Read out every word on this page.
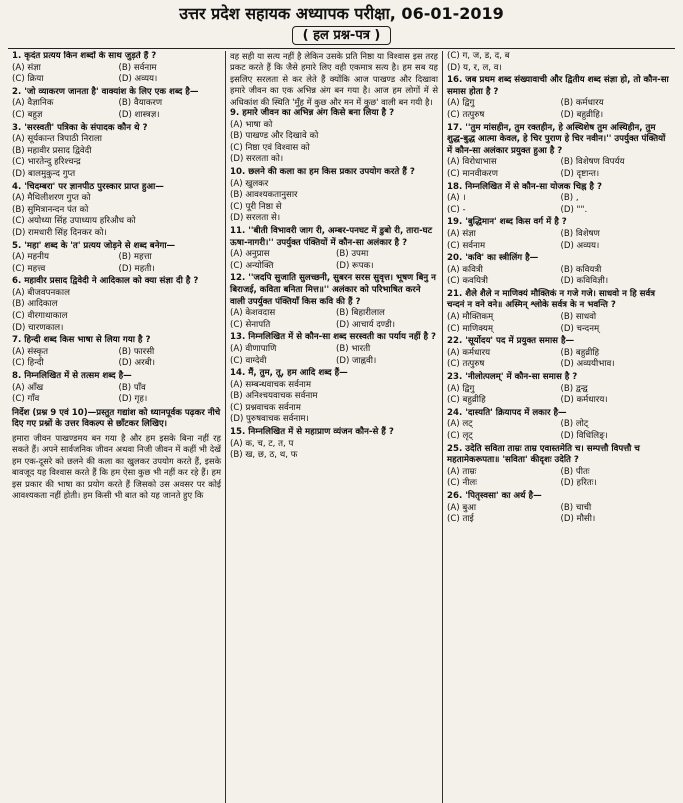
उत्तर प्रदेश सहायक अध्यापक परीक्षा, 06-01-2019
( हल प्रश्न-पत्र )
1. कृदंत प्रत्यय किन शब्दों के साथ जुड़ते हैं ?
(A) संज्ञा	(B) सर्वनाम
(C) क्रिया	(D) अव्यय।
2. 'जो व्याकरण जानता है' वाक्यांश के लिए एक शब्द है—
(A) वैज्ञानिक	(B) वैयाकरण
(C) बहुज्ञ	(D) शास्त्रज्ञ।
3. 'सरस्वती' पत्रिका के संपादक कौन थे ?
(A) सूर्यकान्त त्रिपाठी निराला
(B) महावीर प्रसाद द्विवेदी
(C) भारतेन्दु हरिश्चन्द्र
(D) बालमुकुन्द गुप्त
4. 'चिदम्बरा' पर ज्ञानपीठ पुरस्कार प्राप्त हुआ—
(A) मैथिलीशरण गुप्त को
(B) सुमित्रानन्दन पंत को
(C) अयोध्या सिंह उपाध्याय हरिऔध को
(D) रामधारी सिंह दिनकर को।
5. 'महा' शब्द के 'त' प्रत्यय जोड़ने से शब्द बनेगा—
(A) महनीय	(B) महत्ता
(C) महत्त्व	(D) महती।
6. महावीर प्रसाद द्विवेदी ने आदिकाल को क्या संज्ञा दी है ?
(A) बीजवपनकाल
(B) आदिकाल
(C) वीरगाथाकाल
(D) चारणकाल।
7. हिन्दी शब्द किस भाषा से लिया गया है ?
(A) संस्कृत	(B) फारसी
(C) हिन्दी	(D) अरबी।
8. निम्नलिखित में से तत्सम शब्द है—
(A) आँख	(B) पाँव
(C) गाँव	(D) गृह।
निर्देश (प्रश्न 9 एवं 10)—प्रस्तुत गद्यांश को ध्यानपूर्वक पढ़कर नीचे दिए गए प्रश्नों के उत्तर विकल्प से छाँटकर लिखिए।
हमारा जीवन पाखण्डमय बन गया है और हम इसके बिना नहीं रह सकते हैं। अपने सार्वजनिक जीवन अथवा निजी जीवन में कहीं भी देखें हम एक-दूसरे को छलने की कला का खुलकर उपयोग करते हैं, इसके बावजूद यह विश्वास करते हैं कि हम ऐसा कुछ भी नहीं कर रहे हैं। हम इस प्रकार की भाषा का प्रयोग करते हैं जिसको उस अवसर पर कोई आवश्यकता नहीं होती। हम किसी भी बात को यह जानते हुए कि
वह सही या सत्य नहीं है लेकिन उसके प्रति निष्ठा या विश्वास इस तरह प्रकट करते हैं कि जैसे हमारे लिए वही एकमात्र सत्य है। हम सब यह इसलिए सरलता से कर लेते हैं क्योंकि आज पाखण्ड और दिखावा हमारे जीवन का एक अभिन्न अंग बन गया है। आज हम लोगों में से अधिकांश की स्थिति 'मुँह में कुछ और मन में कुछ' वाली बन गयी है।
9. हमारे जीवन का अभिन्न अंग किसे बना लिया है ?
(A) भाषा को
(B) पाखण्ड और दिखावे को
(C) निष्ठा एवं विश्वास को
(D) सरलता को।
10. छलने की कला का हम किस प्रकार उपयोग करते हैं ?
(A) खुलकर
(B) आवश्यकतानुसार
(C) पूरी निष्ठा से
(D) सरलता से।
11. ''बीती विभावरी जाग री, अम्बर-पनघट में डुबो री, तारा-घट ऊषा-नागरी।'' उपर्युक्त पंक्तियों में कौन-सा अलंकार है ?
(A) अनुप्रास	(B) उपमा
(C) अन्योक्ति	(D) रूपक।
12. ''जदपि सुजाति सुलच्छनी, सुबरन सरस सुवृत्त। भूषण बिनु न बिराजई, कविता बनिता मित्त॥'' अलंकार को परिभाषित करने वाली उपर्युक्त पंक्तियाँ किस कवि की हैं ?
(A) केशवदास	(B) बिहारीलाल
(C) सेनापति	(D) आचार्य दण्डी।
13. निम्नलिखित में से कौन-सा शब्द सरस्वती का पर्याय नहीं है ?
(A) वीणापाणि	(B) भारती
(C) वाग्देवी	(D) जाह्नवी।
14. मैं, तुम, तू, हम आदि शब्द हैं—
(A) सम्बन्धवाचक सर्वनाम
(B) अनिश्चयवाचक सर्वनाम
(C) प्रश्नवाचक सर्वनाम
(D) पुरुषवाचक सर्वनाम।
15. निम्नलिखित में से महाप्राण व्यंजन कौन-से हैं ?
(A) क, च, ट, त, प
(B) ख, छ, ठ, थ, फ
(C) ग, ज, ड, द, ब
(D) य, र, ल, व।
16. जब प्रथम शब्द संख्यावाची और द्वितीय शब्द संज्ञा हो, तो कौन-सा समास होता है ?
(A) द्विगु	(B) कर्मधारय
(C) तत्पुरुष	(D) बहुव्रीहि।
17. ''तुम मांसहीन, तुम रक्तहीन, हे अस्थिशेष तुम अस्थिहीन, तुम शुद्ध-बुद्ध आत्मा केवल, हे चिर पुराण हे चिर नवीन।'' उपर्युक्त पंक्तियों में कौन-सा अलंकार प्रयुक्त हुआ है ?
(A) विरोधाभास	(B) विशेषण विपर्यय
(C) मानवीकरण	(D) दृष्टान्त।
18. निम्नलिखित में से कौन-सा योजक चिह्न है ?
(A) ।	(B) ,
(C) -	(D) "".
19. 'बुद्धिमान' शब्द किस वर्ग में है ?
(A) संज्ञा	(B) विशेषण
(C) सर्वनाम	(D) अव्यय।
20. 'कवि' का स्त्रीलिंग है—
(A) कवित्री	(B) कवियत्री
(C) कवयित्री	(D) कविविज्ञी।
21. शैले शैले न माणिक्यं मौक्तिकं न गजे गजे। साधवो न हि सर्वत्र चन्दनं न वने वने॥ अस्मिन् श्लोके सर्वत्र के न भवन्ति ?
(A) मौक्तिकम्	(B) साधवो
(C) माणिक्यम्	(D) चन्दनम्
22. 'सूर्योदय' पद में प्रयुक्त समास है—
(A) कर्मधारय	(B) बहुव्रीहि
(C) तत्पुरुष	(D) अव्ययीभाव।
23. 'नीलोत्पलम्' में कौन-सा समास है ?
(A) द्विगु	(B) द्वन्द्व
(C) बहुव्रीहि	(D) कर्मधारय।
24. 'दास्यति' क्रियापद में लकार है—
(A) लट्	(B) लोट्
(C) लृट्	(D) विधिलिङ्।
25. उदेति सविता ताम्रः ताम्र एवास्तमेति च। सम्पत्तौ विपत्तौ च महतामेकरूपता॥ 'सविता' कीदृशः उदेति ?
(A) ताम्रः	(B) पीतः
(C) नीलः	(D) हरितः।
26. 'पितृस्वसा' का अर्थ है—
(A) बुआ	(B) चाची
(C) ताई	(D) मौसी।
